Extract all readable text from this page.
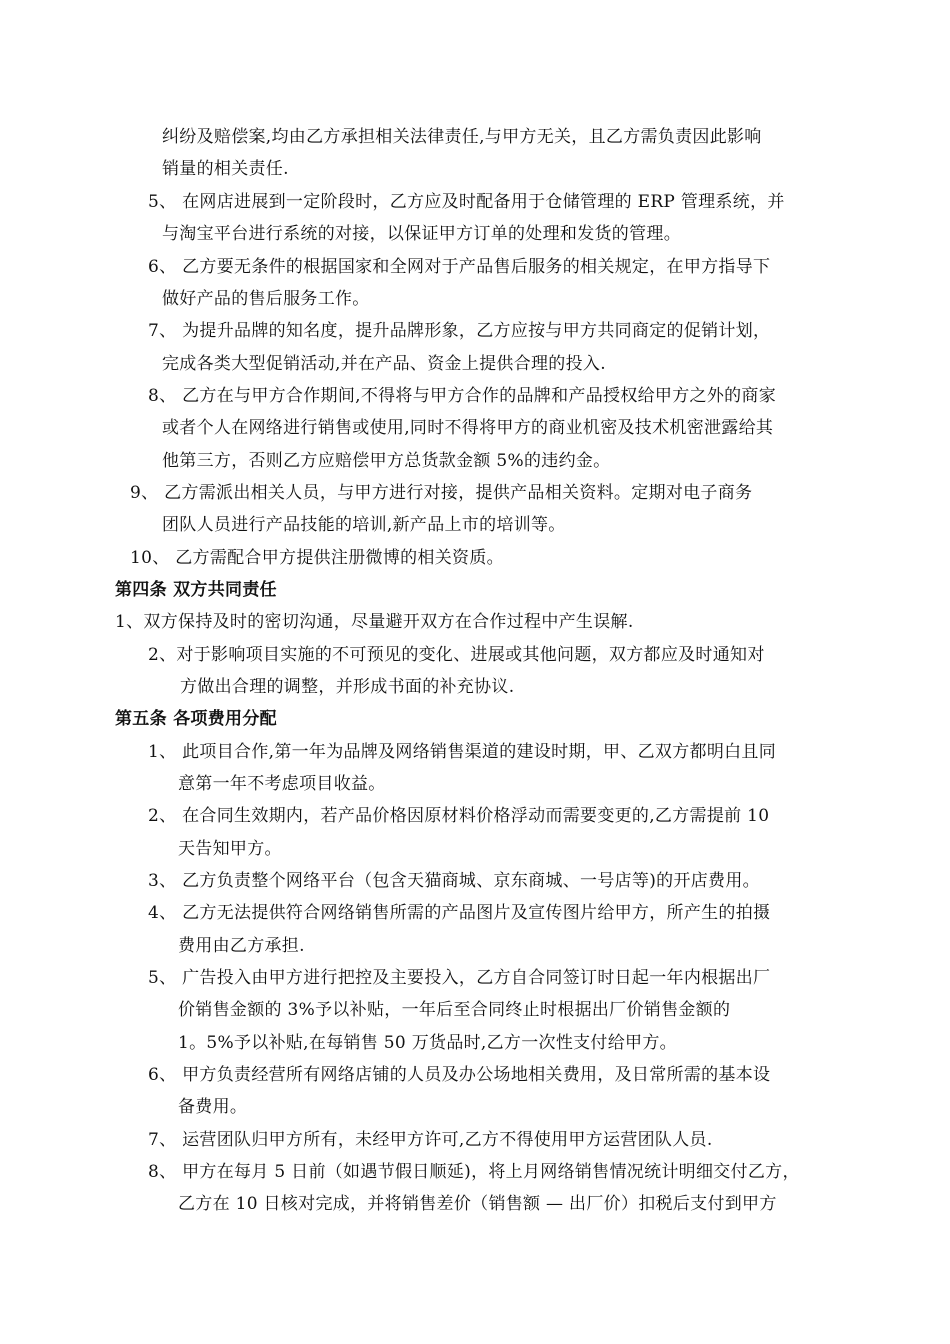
纠纷及赔偿案,均由乙方承担相关法律责任,与甲方无关，且乙方需负责因此影响
销量的相关责任.
5、 在网店进展到一定阶段时，乙方应及时配备用于仓储管理的 ERP 管理系统，并
与淘宝平台进行系统的对接，以保证甲方订单的处理和发货的管理。
6、 乙方要无条件的根据国家和全网对于产品售后服务的相关规定，在甲方指导下
做好产品的售后服务工作。
7、 为提升品牌的知名度，提升品牌形象，乙方应按与甲方共同商定的促销计划，
完成各类大型促销活动,并在产品、资金上提供合理的投入.
8、 乙方在与甲方合作期间,不得将与甲方合作的品牌和产品授权给甲方之外的商家
或者个人在网络进行销售或使用,同时不得将甲方的商业机密及技术机密泄露给其
他第三方，否则乙方应赔偿甲方总货款金额 5%的违约金。
9、 乙方需派出相关人员，与甲方进行对接，提供产品相关资料。定期对电子商务
团队人员进行产品技能的培训,新产品上市的培训等。
10、 乙方需配合甲方提供注册微博的相关资质。
第四条 双方共同责任
1、双方保持及时的密切沟通，尽量避开双方在合作过程中产生误解.
2、对于影响项目实施的不可预见的变化、进展或其他问题，双方都应及时通知对
方做出合理的调整，并形成书面的补充协议.
第五条 各项费用分配
1、 此项目合作,第一年为品牌及网络销售渠道的建设时期，甲、乙双方都明白且同
意第一年不考虑项目收益。
2、 在合同生效期内，若产品价格因原材料价格浮动而需要变更的,乙方需提前 10
天告知甲方。
3、 乙方负责整个网络平台（包含天猫商城、京东商城、一号店等)的开店费用。
4、 乙方无法提供符合网络销售所需的产品图片及宣传图片给甲方，所产生的拍摄
费用由乙方承担.
5、 广告投入由甲方进行把控及主要投入，乙方自合同签订时日起一年内根据出厂
价销售金额的 3%予以补贴，一年后至合同终止时根据出厂价销售金额的
1。5%予以补贴,在每销售 50 万货品时,乙方一次性支付给甲方。
6、 甲方负责经营所有网络店铺的人员及办公场地相关费用，及日常所需的基本设
备费用。
7、 运营团队归甲方所有，未经甲方许可,乙方不得使用甲方运营团队人员.
8、 甲方在每月 5 日前（如遇节假日顺延)，将上月网络销售情况统计明细交付乙方，
乙方在 10 日核对完成，并将销售差价（销售额 — 出厂价）扣税后支付到甲方
